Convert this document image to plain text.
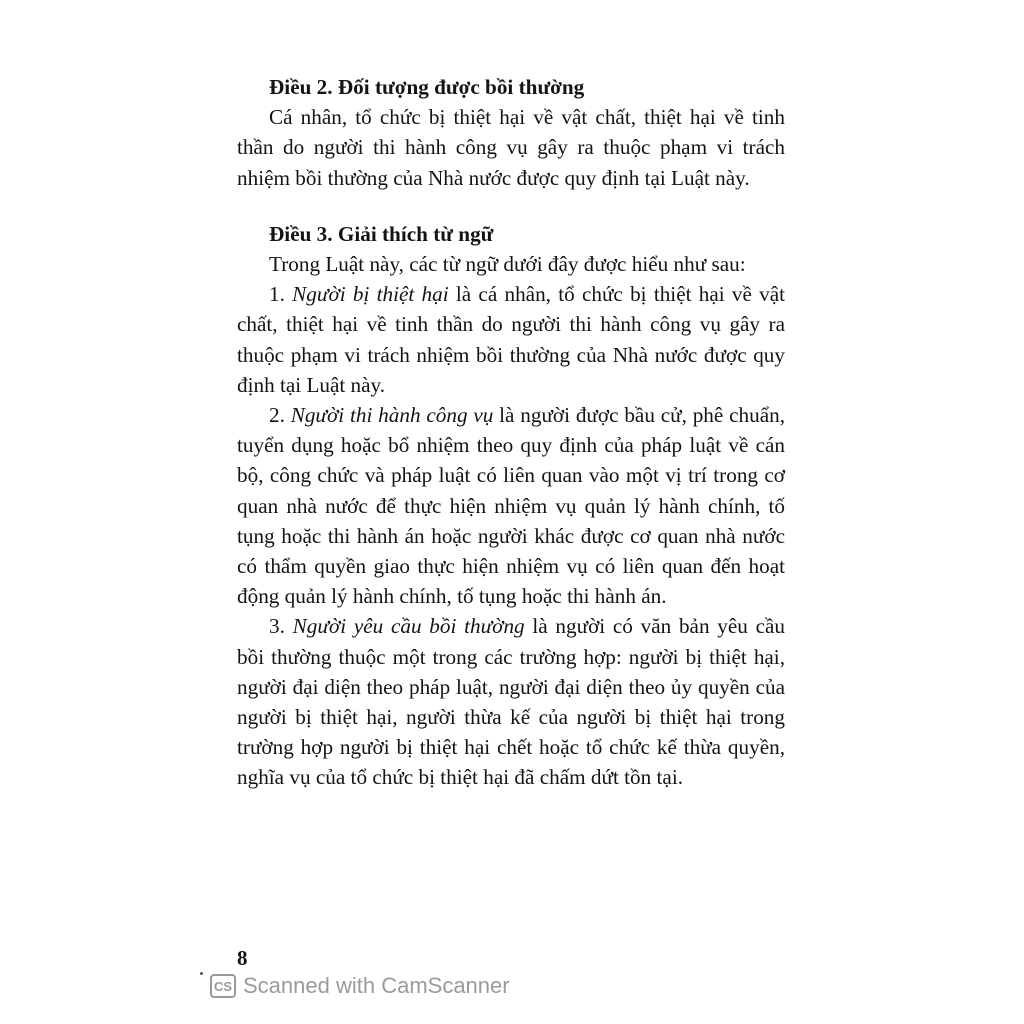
Điều 2. Đối tượng được bồi thường

Cá nhân, tổ chức bị thiệt hại về vật chất, thiệt hại về tinh thần do người thi hành công vụ gây ra thuộc phạm vi trách nhiệm bồi thường của Nhà nước được quy định tại Luật này.

Điều 3. Giải thích từ ngữ

Trong Luật này, các từ ngữ dưới đây được hiểu như sau:

1. Người bị thiệt hại là cá nhân, tổ chức bị thiệt hại về vật chất, thiệt hại về tinh thần do người thi hành công vụ gây ra thuộc phạm vi trách nhiệm bồi thường của Nhà nước được quy định tại Luật này.

2. Người thi hành công vụ là người được bầu cử, phê chuẩn, tuyển dụng hoặc bổ nhiệm theo quy định của pháp luật về cán bộ, công chức và pháp luật có liên quan vào một vị trí trong cơ quan nhà nước để thực hiện nhiệm vụ quản lý hành chính, tố tụng hoặc thi hành án hoặc người khác được cơ quan nhà nước có thẩm quyền giao thực hiện nhiệm vụ có liên quan đến hoạt động quản lý hành chính, tố tụng hoặc thi hành án.

3. Người yêu cầu bồi thường là người có văn bản yêu cầu bồi thường thuộc một trong các trường hợp: người bị thiệt hại, người đại diện theo pháp luật, người đại diện theo ủy quyền của người bị thiệt hại, người thừa kế của người bị thiệt hại trong trường hợp người bị thiệt hại chết hoặc tổ chức kế thừa quyền, nghĩa vụ của tổ chức bị thiệt hại đã chấm dứt tồn tại.

8
CS Scanned with CamScanner
